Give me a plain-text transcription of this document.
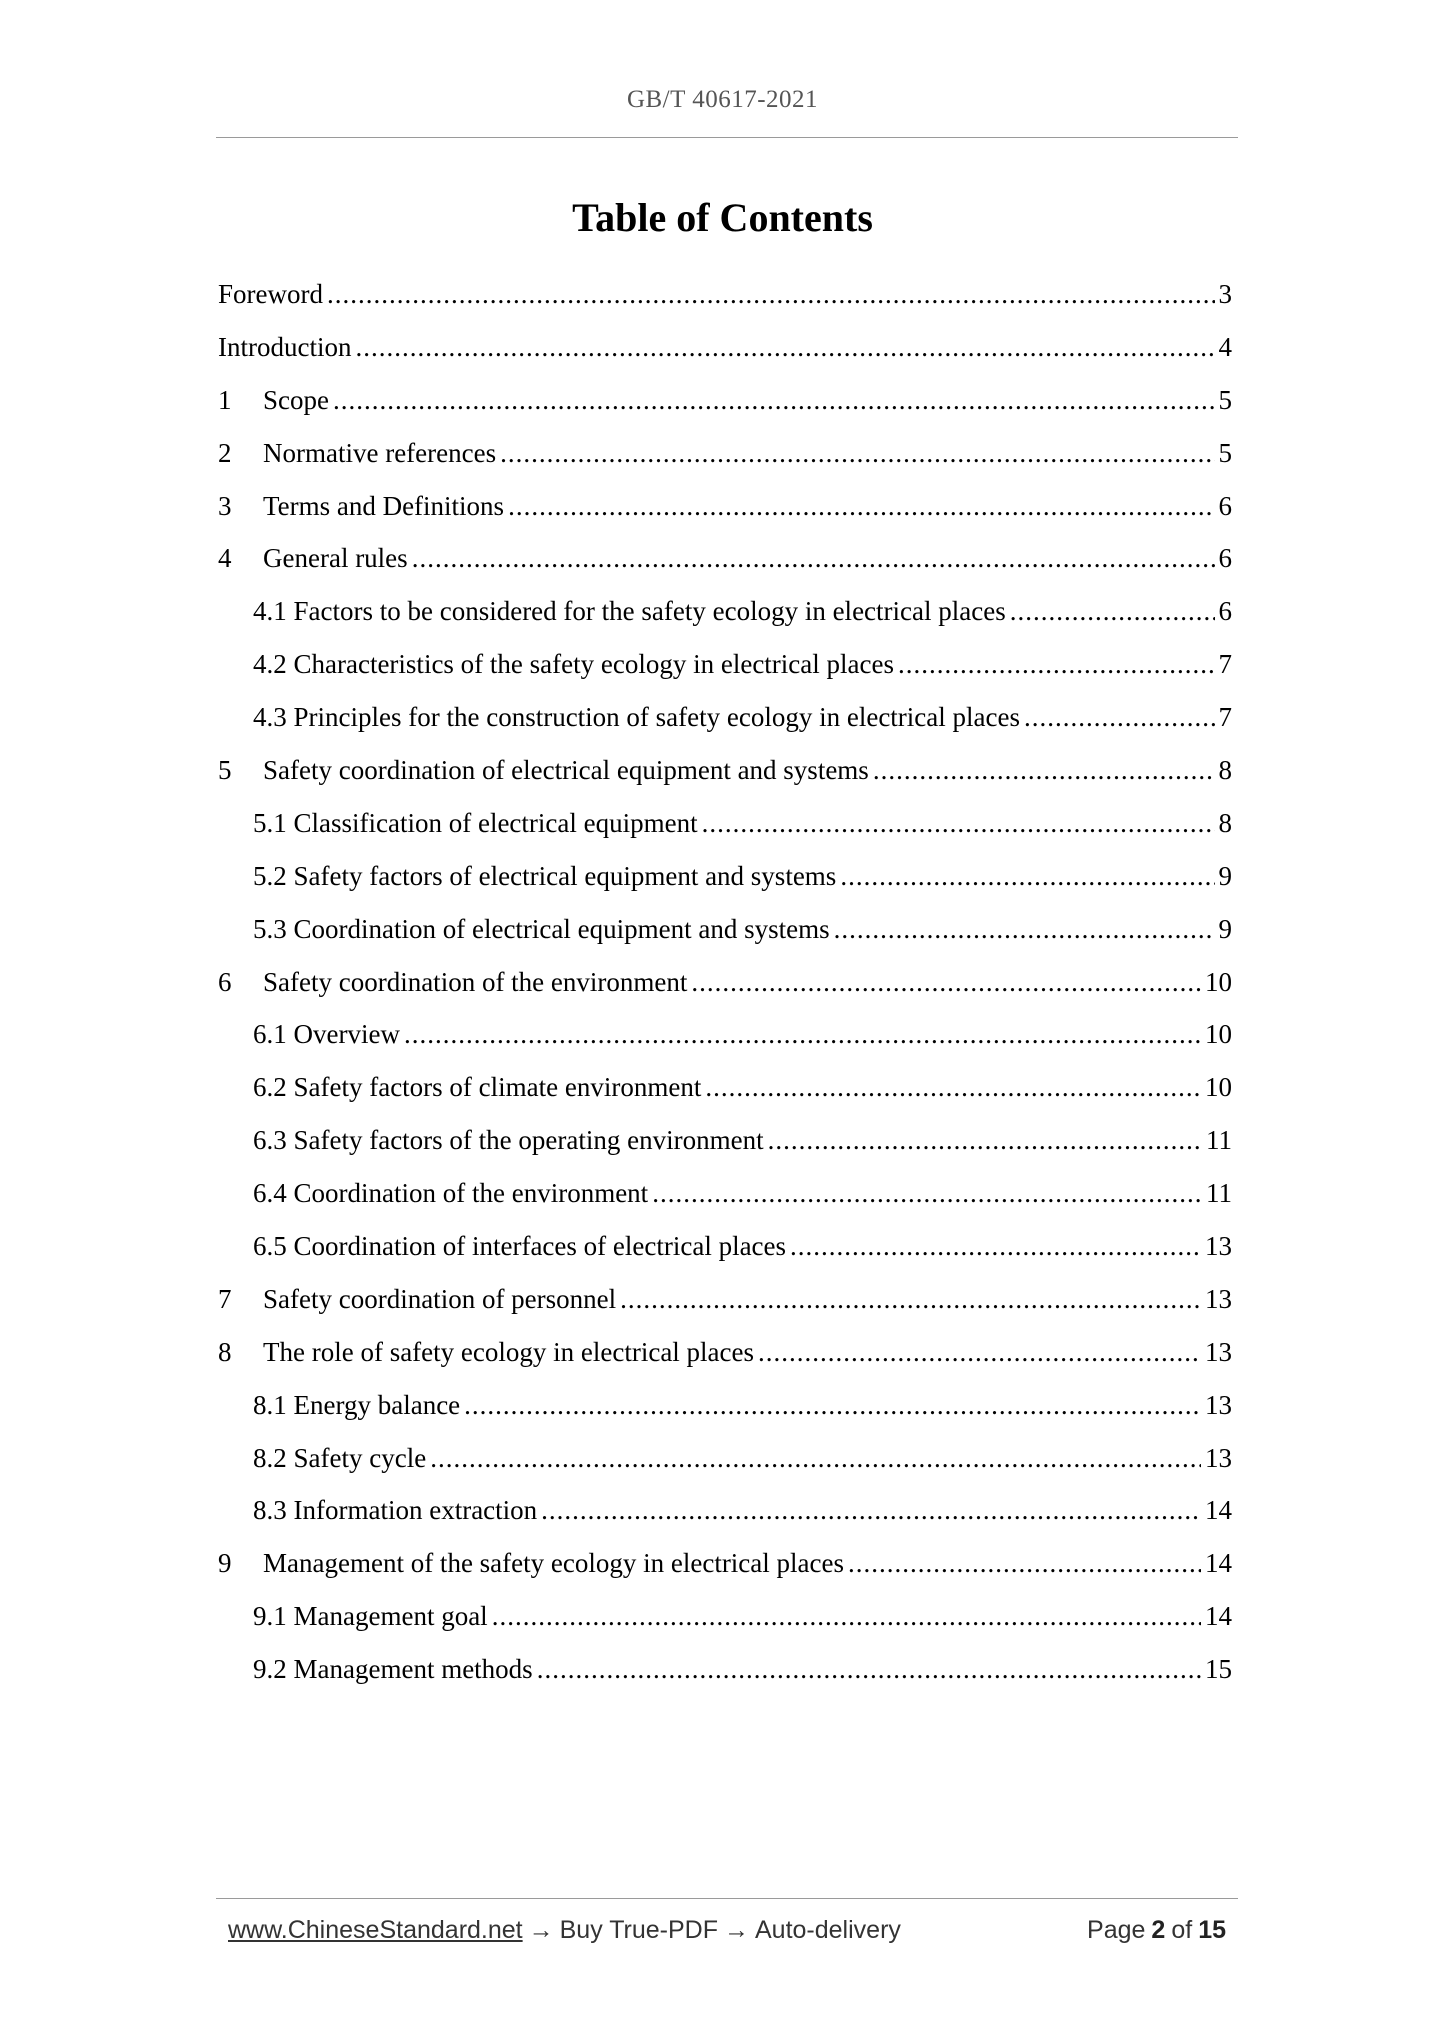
GB/T 40617-2021
Table of Contents
Foreword .....	3
Introduction .....	4
1	Scope .....	5
2	Normative references .....	5
3	Terms and Definitions .....	6
4	General rules .....	6
4.1 Factors to be considered for the safety ecology in electrical places .....	6
4.2 Characteristics of the safety ecology in electrical places .....	7
4.3 Principles for the construction of safety ecology in electrical places .....	7
5	Safety coordination of electrical equipment and systems .....	8
5.1 Classification of electrical equipment .....	8
5.2 Safety factors of electrical equipment and systems .....	9
5.3 Coordination of electrical equipment and systems .....	9
6	Safety coordination of the environment .....	10
6.1 Overview .....	10
6.2 Safety factors of climate environment .....	10
6.3 Safety factors of the operating environment .....	11
6.4 Coordination of the environment .....	11
6.5 Coordination of interfaces of electrical places .....	13
7	Safety coordination of personnel .....	13
8	The role of safety ecology in electrical places .....	13
8.1 Energy balance .....	13
8.2 Safety cycle .....	13
8.3 Information extraction .....	14
9	Management of the safety ecology in electrical places .....	14
9.1 Management goal .....	14
9.2 Management methods .....	15
www.ChineseStandard.net → Buy True-PDF → Auto-delivery	Page 2 of 15
